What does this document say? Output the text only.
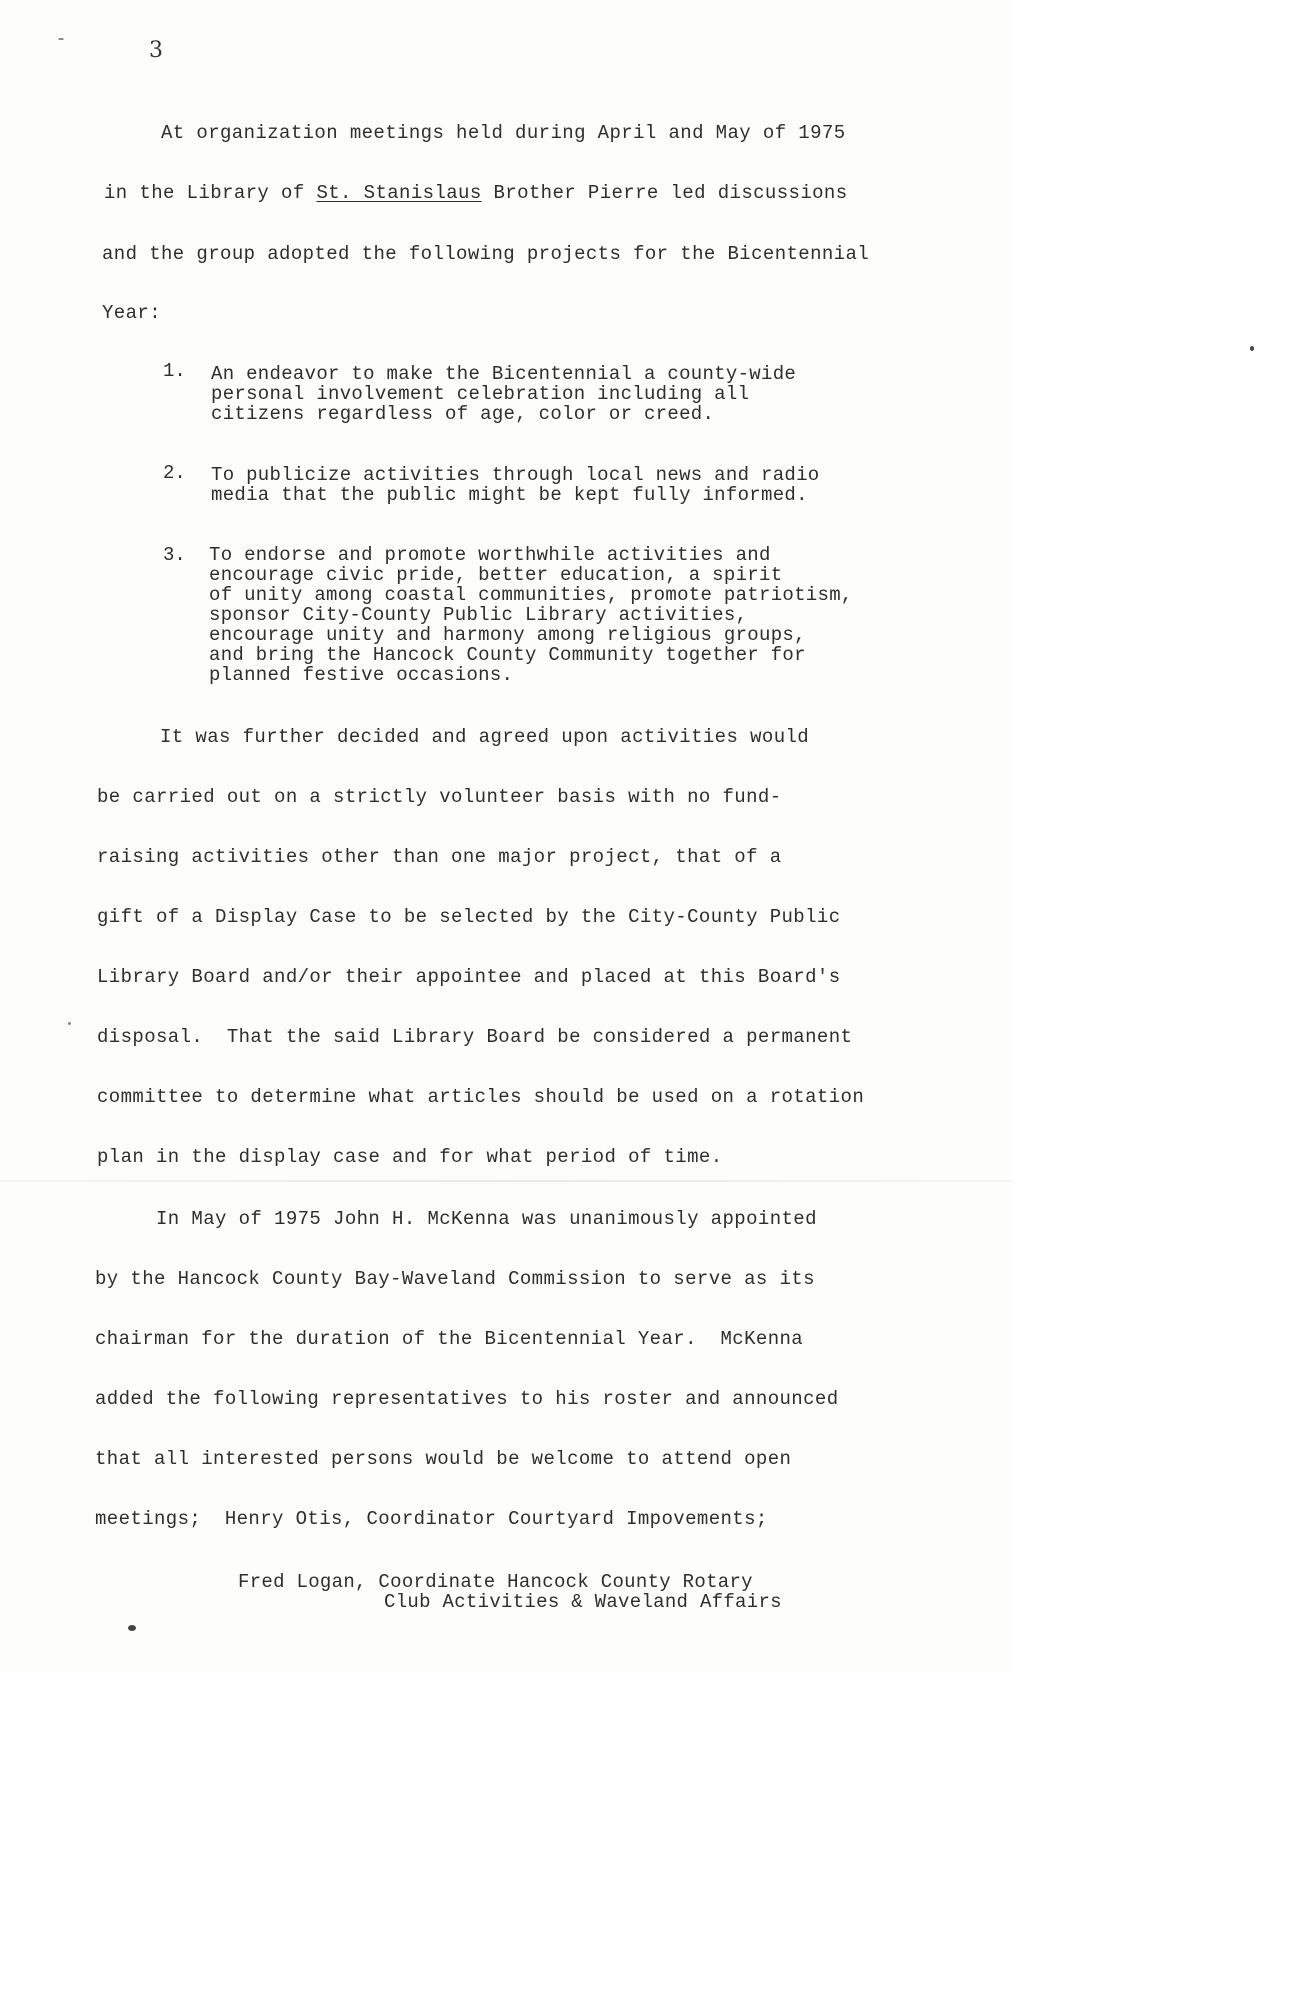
3
At organization meetings held during April and May of 1975
in the Library of St. Stanislaus Brother Pierre led discussions
and the group adopted the following projects for the Bicentennial
Year:
1. An endeavor to make the Bicentennial a county-wide
personal involvement celebration including all
citizens regardless of age, color or creed.
2. To publicize activities through local news and radio
media that the public might be kept fully informed.
3. To endorse and promote worthwhile activities and
encourage civic pride, better education, a spirit
of unity among coastal communities, promote patriotism,
sponsor City-County Public Library activities,
encourage unity and harmony among religious groups,
and bring the Hancock County Community together for
planned festive occasions.
It was further decided and agreed upon activities would
be carried out on a strictly volunteer basis with no fund-
raising activities other than one major project, that of a
gift of a Display Case to be selected by the City-County Public
Library Board and/or their appointee and placed at this Board's
disposal.  That the said Library Board be considered a permanent
committee to determine what articles should be used on a rotation
plan in the display case and for what period of time.
In May of 1975 John H. McKenna was unanimously appointed
by the Hancock County Bay-Waveland Commission to serve as its
chairman for the duration of the Bicentennial Year.  McKenna
added the following representatives to his roster and announced
that all interested persons would be welcome to attend open
meetings;  Henry Otis, Coordinator Courtyard Impovements;
Fred Logan, Coordinate Hancock County Rotary
Club Activities & Waveland Affairs
